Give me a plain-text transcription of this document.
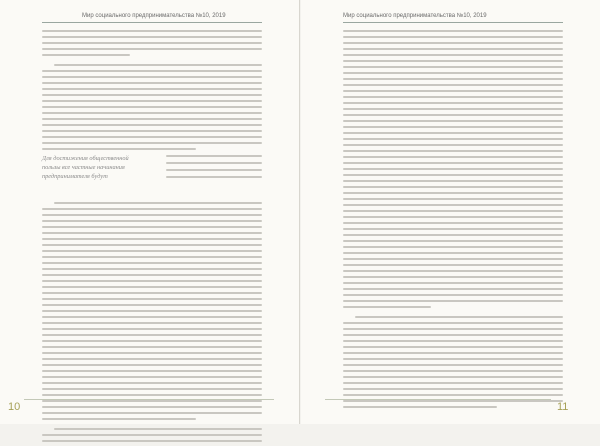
Мир социального предпринимательства №10, 2019
Для достижения общественной
пользы все частные начинания
предпринимателя будут
10
Мир социального предпринимательства №10, 2019
11
